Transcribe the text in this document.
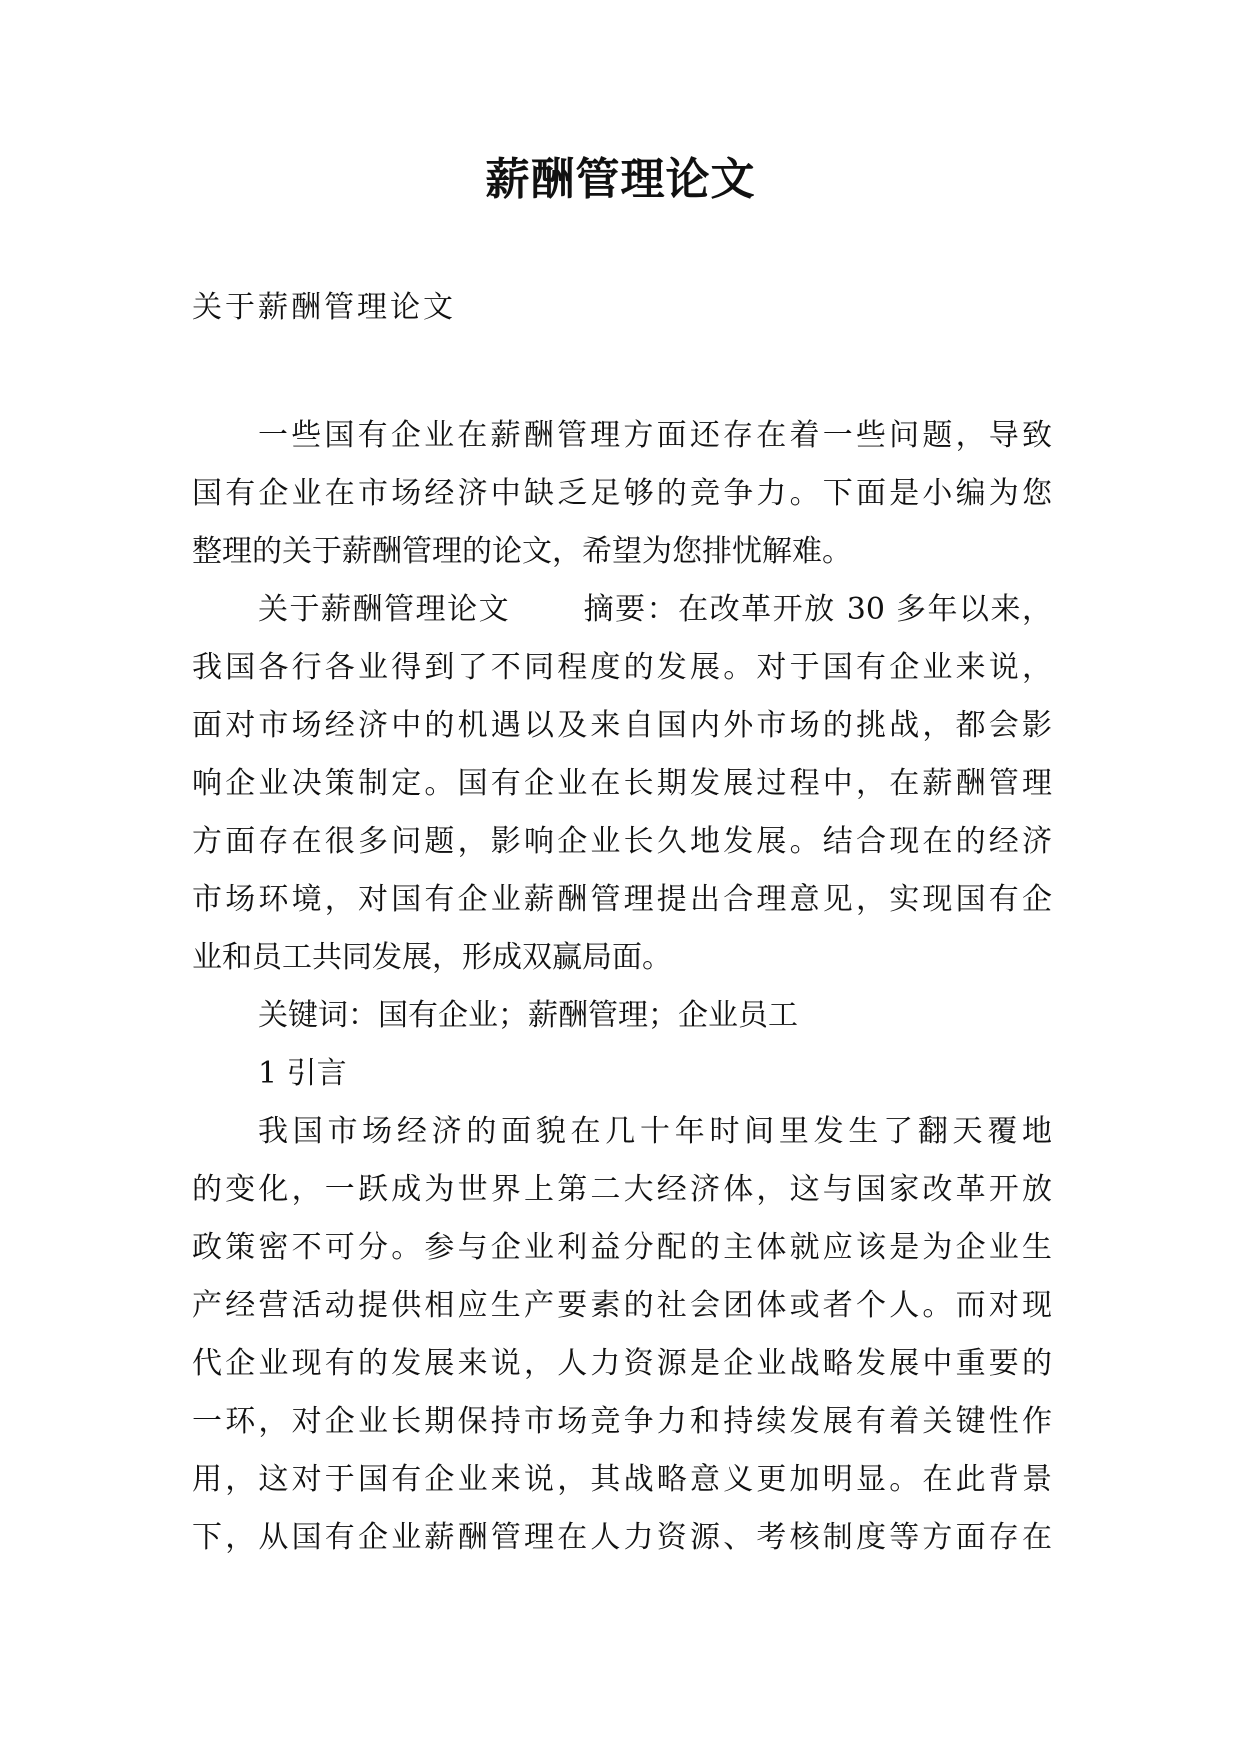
薪酬管理论文

关于薪酬管理论文

一些国有企业在薪酬管理方面还存在着一些问题，导致
国有企业在市场经济中缺乏足够的竞争力。下面是小编为您
整理的关于薪酬管理的论文，希望为您排忧解难。
关于薪酬管理论文 摘要：在改革开放 30 多年以来，
我国各行各业得到了不同程度的发展。对于国有企业来说，
面对市场经济中的机遇以及来自国内外市场的挑战，都会影
响企业决策制定。国有企业在长期发展过程中，在薪酬管理
方面存在很多问题，影响企业长久地发展。结合现在的经济
市场环境，对国有企业薪酬管理提出合理意见，实现国有企
业和员工共同发展，形成双赢局面。
关键词：国有企业；薪酬管理；企业员工
1 引言
我国市场经济的面貌在几十年时间里发生了翻天覆地
的变化，一跃成为世界上第二大经济体，这与国家改革开放
政策密不可分。参与企业利益分配的主体就应该是为企业生
产经营活动提供相应生产要素的社会团体或者个人。而对现
代企业现有的发展来说，人力资源是企业战略发展中重要的
一环，对企业长期保持市场竞争力和持续发展有着关键性作
用，这对于国有企业来说，其战略意义更加明显。在此背景
下，从国有企业薪酬管理在人力资源、考核制度等方面存在
